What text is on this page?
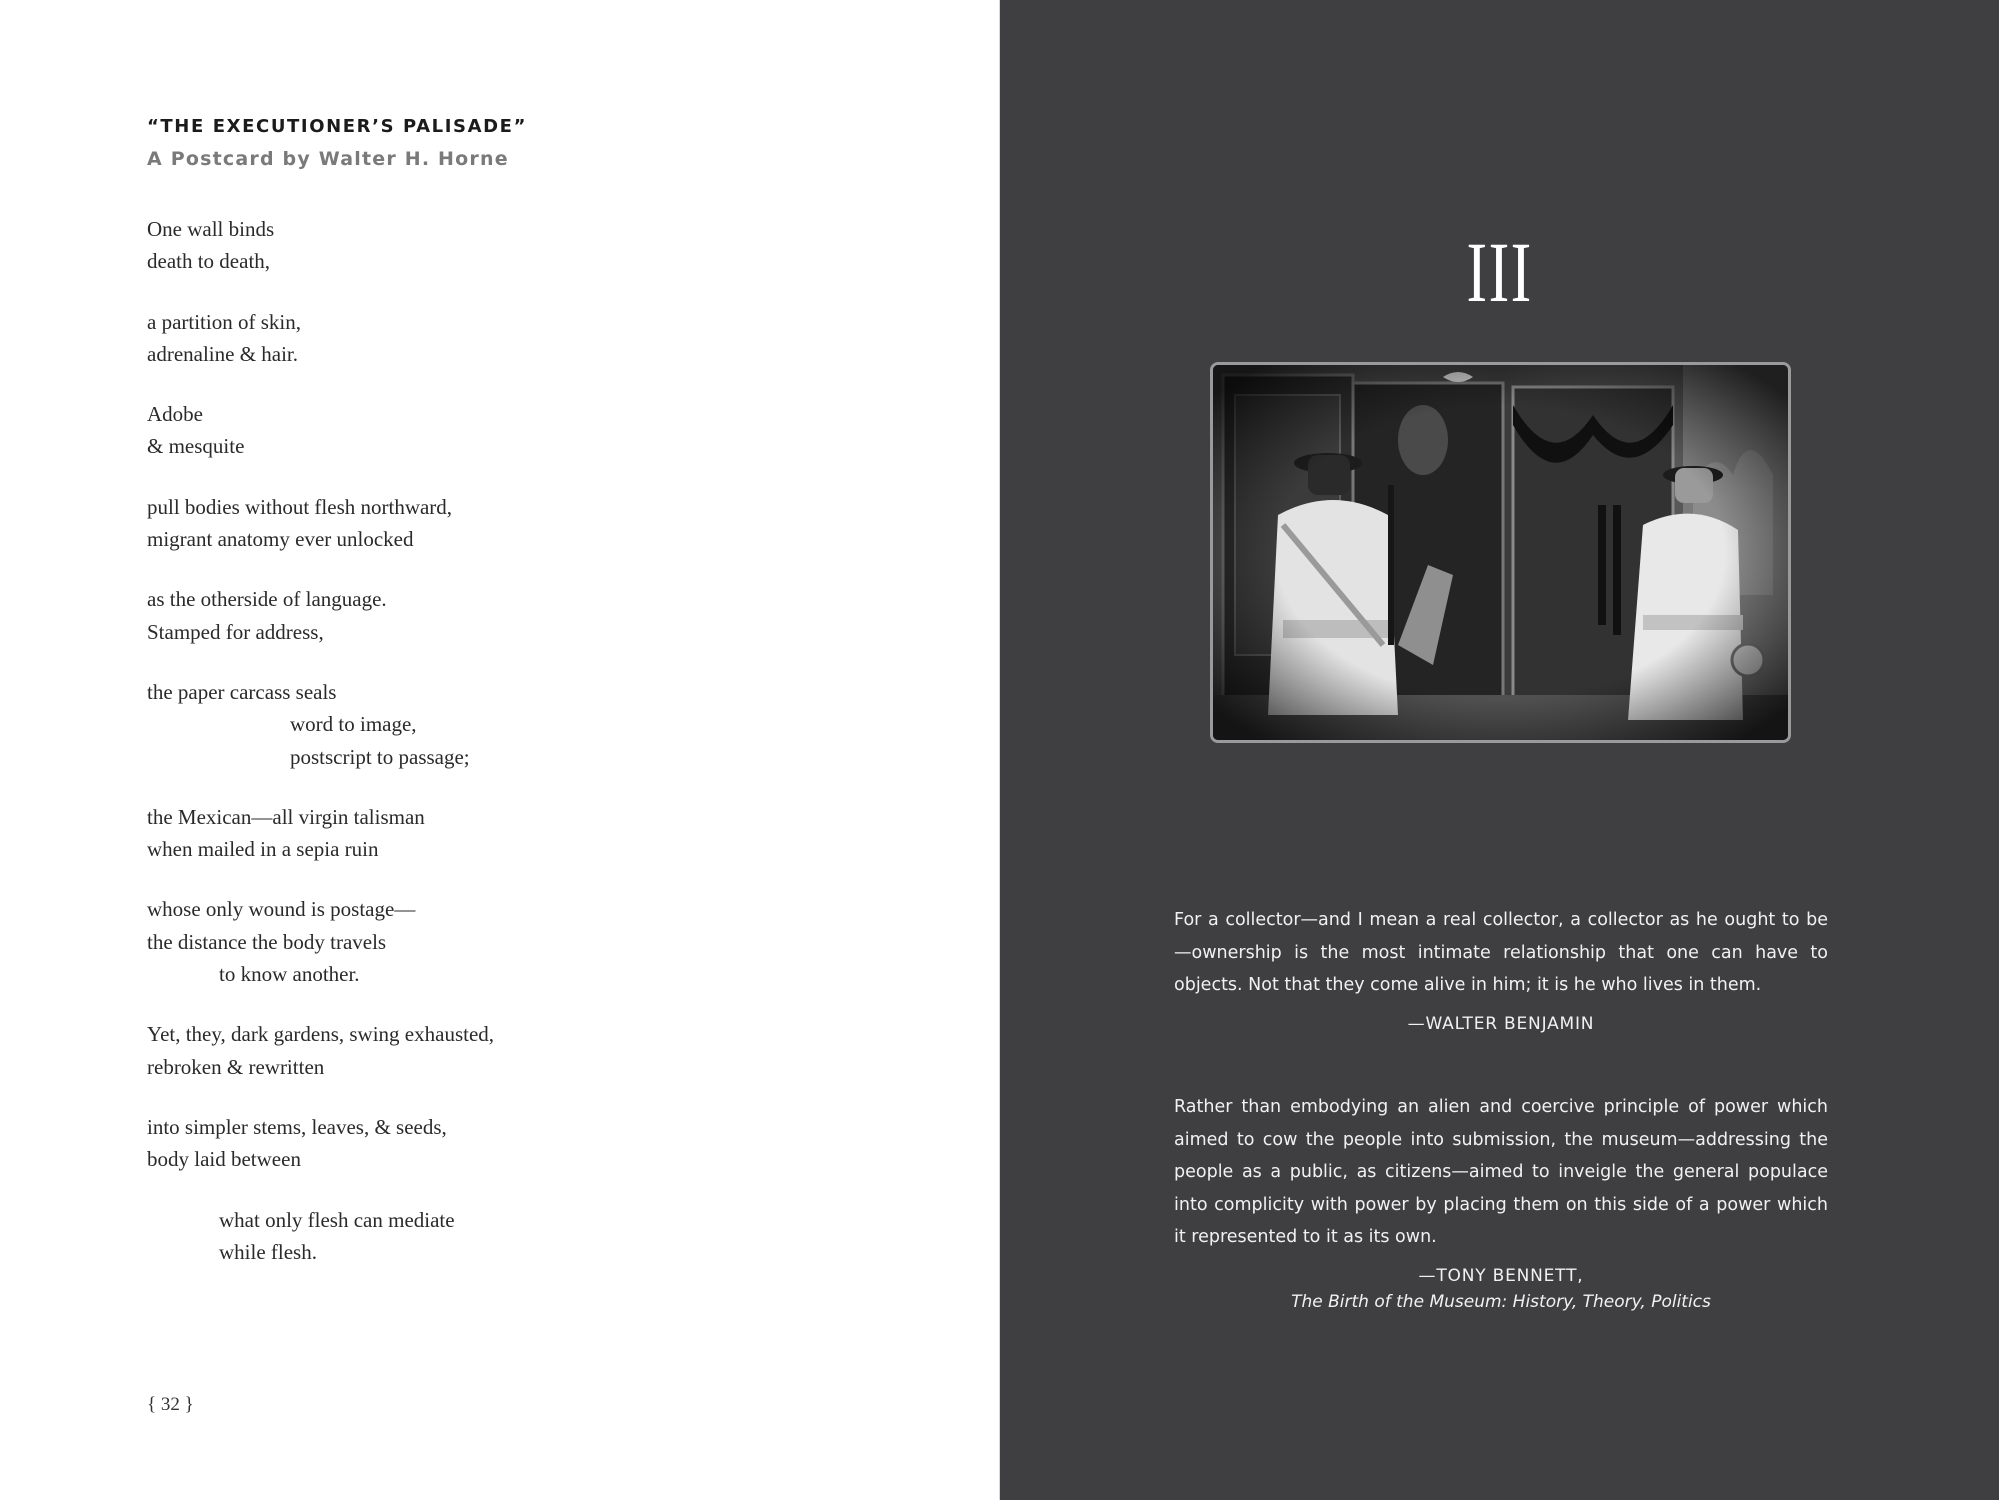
“THE EXECUTIONER’S PALISADE”

A Postcard by Walter H. Horne

One wall binds
death to death,
a partition of skin,
adrenaline & hair.
Adobe
& mesquite
pull bodies without flesh northward,
migrant anatomy ever unlocked
as the otherside of language.
Stamped for address,
the paper carcass seals
word to image,
postscript to passage;
the Mexican—all virgin talisman
when mailed in a sepia ruin
whose only wound is postage—
the distance the body travels
to know another.
Yet, they, dark gardens, swing exhausted,
rebroken & rewritten
into simpler stems, leaves, & seeds,
body laid between
what only flesh can mediate
while flesh.
{ 32 }
III
For a collector—and I mean a real collector, a collector as he ought to be—ownership is the most intimate relationship that one can have to objects. Not that they come alive in him; it is he who lives in them.
—WALTER BENJAMIN
Rather than embodying an alien and coercive principle of power which aimed to cow the people into submission, the museum—addressing the people as a public, as citizens—aimed to inveigle the general populace into complicity with power by placing them on this side of a power which it represented to it as its own.
—TONY BENNETT,
The Birth of the Museum: History, Theory, Politics
